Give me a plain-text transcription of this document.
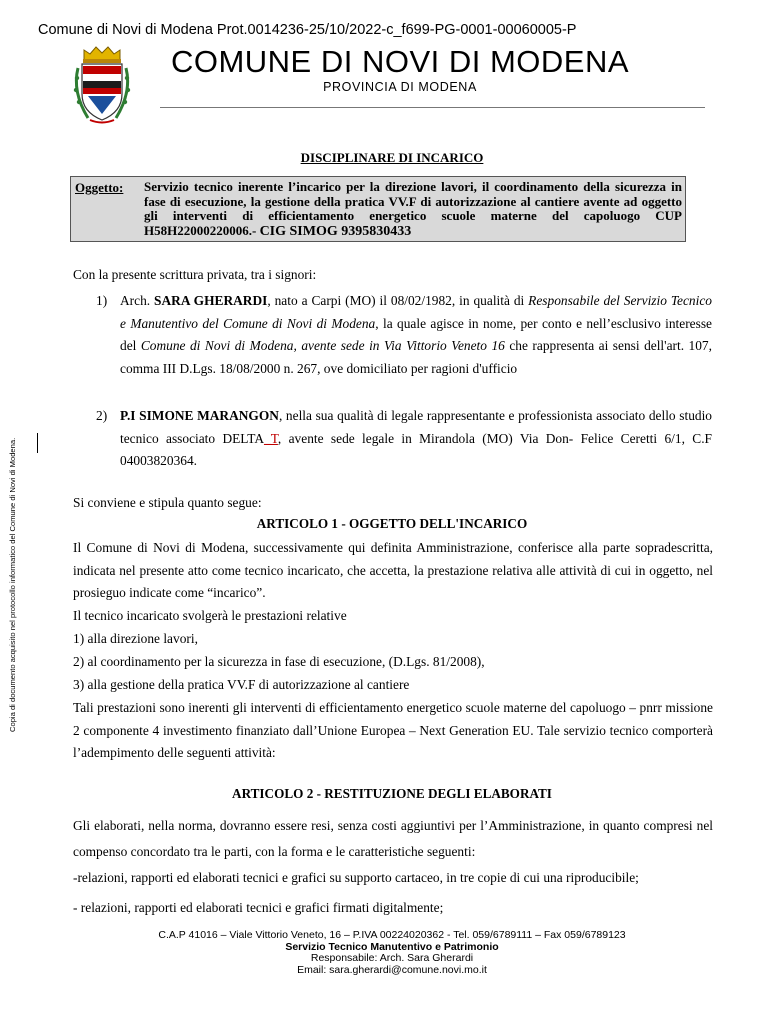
Comune di Novi di Modena Prot.0014236-25/10/2022-c_f699-PG-0001-00060005-P
COMUNE DI NOVI DI MODENA
PROVINCIA DI MODENA
Copia di documento acquisito nel protocollo informatico del Comune di Novi di Modena.
DISCIPLINARE DI INCARICO
Oggetto: Servizio tecnico inerente l’incarico per la direzione lavori, il coordinamento della sicurezza in fase di esecuzione, la gestione della pratica VV.F di autorizzazione al cantiere avente ad oggetto gli interventi di efficientamento energetico scuole materne del capoluogo CUP H58H22000220006.- CIG SIMOG 9395830433
Con la presente scrittura privata, tra i signori:
1) Arch. SARA GHERARDI, nato a Carpi (MO) il 08/02/1982, in qualità di Responsabile del Servizio Tecnico e Manutentivo del Comune di Novi di Modena, la quale agisce in nome, per conto e nell’esclusivo interesse del Comune di Novi di Modena, avente sede in Via Vittorio Veneto 16 che rappresenta ai sensi dell'art. 107, comma III D.Lgs. 18/08/2000 n. 267, ove domiciliato per ragioni d'ufficio
2) P.I SIMONE MARANGON, nella sua qualità di legale rappresentante e professionista associato dello studio tecnico associato DELTA_T, avente sede legale in Mirandola (MO) Via Don- Felice Ceretti 6/1, C.F 04003820364.
Si conviene e stipula quanto segue:
ARTICOLO 1 - OGGETTO DELL'INCARICO
Il Comune di Novi di Modena, successivamente qui definita Amministrazione, conferisce alla parte sopradescritta, indicata nel presente atto come tecnico incaricato, che accetta, la prestazione relativa alle attività di cui in oggetto, nel prosieguo indicate come “incarico”.
Il tecnico incaricato svolgerà le prestazioni relative
1) alla direzione lavori,
2) al coordinamento per la sicurezza in fase di esecuzione, (D.Lgs. 81/2008),
3) alla gestione della pratica VV.F di autorizzazione al cantiere
Tali prestazioni sono inerenti gli interventi di efficientamento energetico scuole materne del capoluogo – pnrr missione 2 componente 4 investimento finanziato dall’Unione Europea – Next Generation EU. Tale servizio tecnico comporterà l’adempimento delle seguenti attività:
ARTICOLO 2 - RESTITUZIONE DEGLI ELABORATI
Gli elaborati, nella norma, dovranno essere resi, senza costi aggiuntivi per l’Amministrazione, in quanto compresi nel compenso concordato tra le parti, con la forma e le caratteristiche seguenti:
-relazioni, rapporti ed elaborati tecnici e grafici su supporto cartaceo, in tre copie di cui una riproducibile;
- relazioni, rapporti ed elaborati tecnici e grafici firmati digitalmente;
C.A.P 41016 – Viale Vittorio Veneto, 16 – P.IVA 00224020362 - Tel. 059/6789111 – Fax 059/6789123
Servizio Tecnico Manutentivo e Patrimonio
Responsabile: Arch. Sara Gherardi
Email: sara.gherardi@comune.novi.mo.it
